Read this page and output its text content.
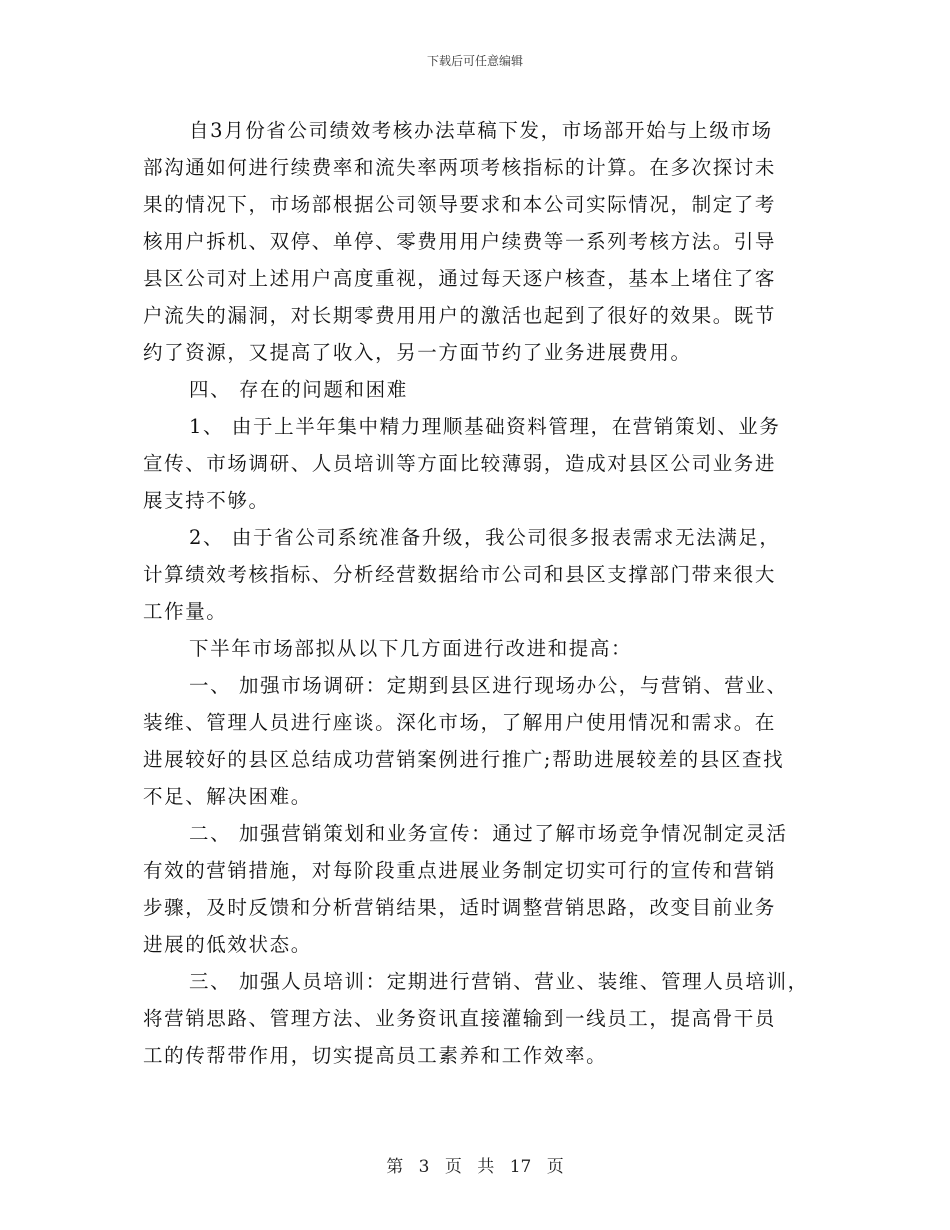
下载后可任意编辑
自3月份省公司绩效考核办法草稿下发，市场部开始与上级市场
部沟通如何进行续费率和流失率两项考核指标的计算。在多次探讨未
果的情况下，市场部根据公司领导要求和本公司实际情况，制定了考
核用户拆机、双停、单停、零费用用户续费等一系列考核方法。引导
县区公司对上述用户高度重视，通过每天逐户核查，基本上堵住了客
户流失的漏洞，对长期零费用用户的激活也起到了很好的效果。既节
约了资源，又提高了收入，另一方面节约了业务进展费用。
四、 存在的问题和困难
1、 由于上半年集中精力理顺基础资料管理，在营销策划、业务
宣传、市场调研、人员培训等方面比较薄弱，造成对县区公司业务进
展支持不够。
2、 由于省公司系统准备升级，我公司很多报表需求无法满足，
计算绩效考核指标、分析经营数据给市公司和县区支撑部门带来很大
工作量。
下半年市场部拟从以下几方面进行改进和提高：
一、 加强市场调研：定期到县区进行现场办公，与营销、营业、
装维、管理人员进行座谈。深化市场，了解用户使用情况和需求。在
进展较好的县区总结成功营销案例进行推广;帮助进展较差的县区查找
不足、解决困难。
二、 加强营销策划和业务宣传：通过了解市场竞争情况制定灵活
有效的营销措施，对每阶段重点进展业务制定切实可行的宣传和营销
步骤，及时反馈和分析营销结果，适时调整营销思路，改变目前业务
进展的低效状态。
三、 加强人员培训：定期进行营销、营业、装维、管理人员培训，
将营销思路、管理方法、业务资讯直接灌输到一线员工，提高骨干员
工的传帮带作用，切实提高员工素养和工作效率。
第 3 页 共 17 页
